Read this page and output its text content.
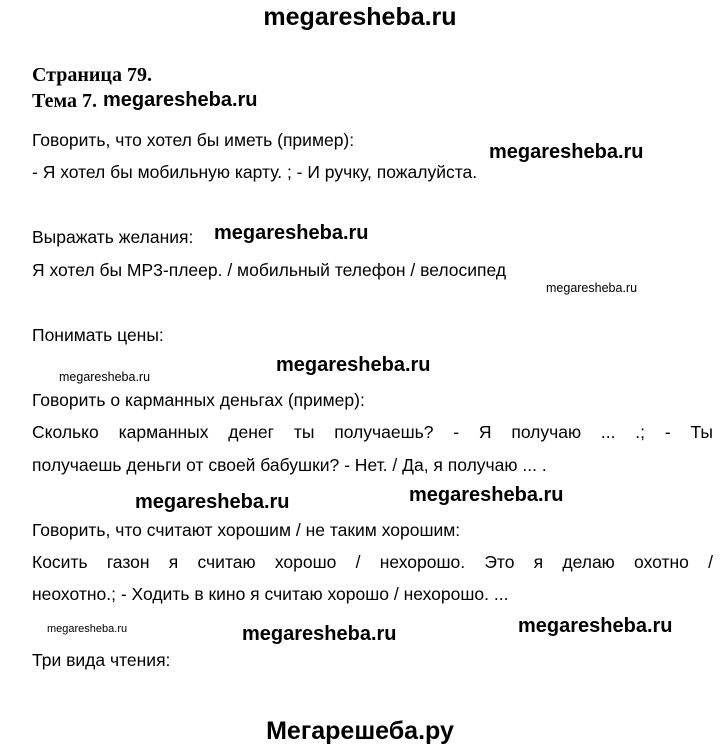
megaresheba.ru
Страница 79.
Тема 7. megaresheba.ru
Говорить, что хотел бы иметь (пример):
megaresheba.ru
- Я хотел бы мобильную карту. ; - И ручку, пожалуйста.
Выражать желания: megaresheba.ru
Я хотел бы MP3-плеер. / мобильный телефон / велосипед
megaresheba.ru
Понимать цены:
megaresheba.ru
megaresheba.ru
Говорить о карманных деньгах (пример):
Сколько карманных денег ты получаешь? - Я получаю ... .; - Ты
получаешь деньги от своей бабушки? - Нет. / Да, я получаю ... .
megaresheba.ru	megaresheba.ru
Говорить, что считают хорошим / не таким хорошим:
Косить газон я считаю хорошо / нехорошо. Это я делаю охотно /
неохотно.; - Ходить в кино я считаю хорошо / нехорошо. ...
megaresheba.ru	megaresheba.ru	megaresheba.ru
Три вида чтения:
Мегарешеба.ру
